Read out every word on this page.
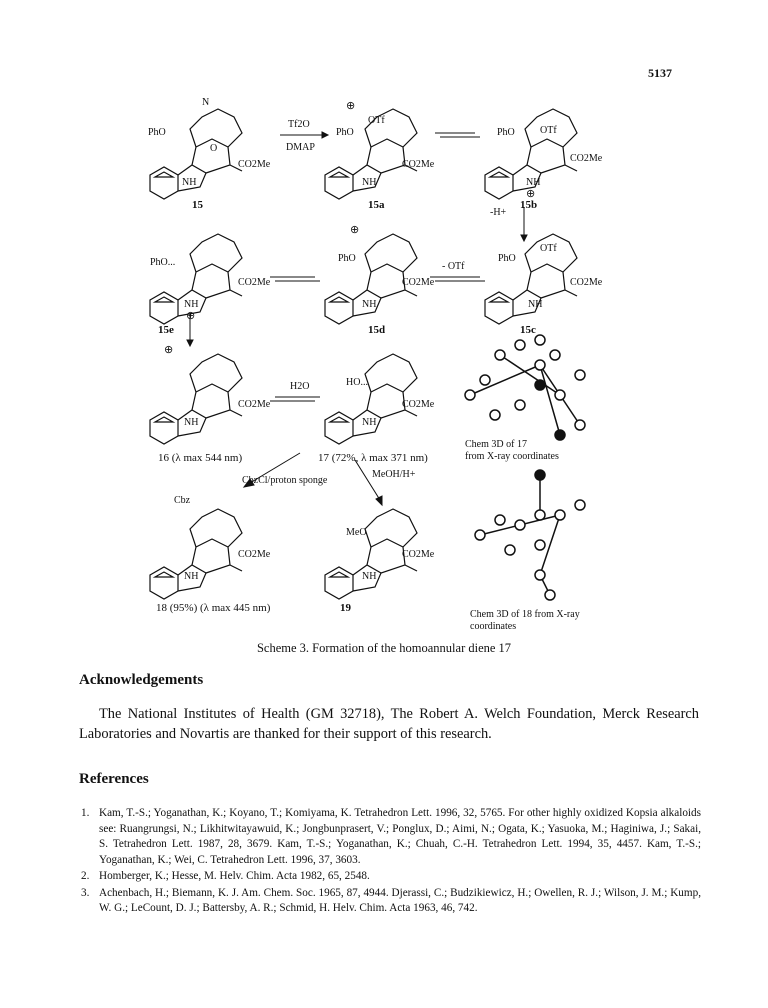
5137
PhO
CO2Me
NH
N
O
PhO
OTf
CO2Me
NH
⊕
PhO	OTf
CO2Me
NH
⊕
PhO...
CO2Me
NH
⊕
PhO
CO2Me
NH
⊕
PhO
OTf
CO2Me
NH
CO2Me
NH
⊕
HO...
CO2Me
NH
Cbz
CO2Me
NH
MeO
CO2Me
NH
Tf2O
DMAP
-H+
- OTf
H2O
CbzCl/proton sponge
MeOH/H+
15	15a	15b
15e	15d	15c
16 (λ max 544 nm)	17 (72%, λ max 371 nm)
18 (95%) (λ max 445 nm)	19
Chem 3D of 17
from X-ray coordinates
Chem 3D of 18 from X-ray
coordinates
Scheme 3. Formation of the homoannular diene 17
Acknowledgements

The National Institutes of Health (GM 32718), The Robert A. Welch Foundation, Merck Research Laboratories and Novartis are thanked for their support of this research.

References
1. Kam, T.-S.; Yoganathan, K.; Koyano, T.; Komiyama, K. Tetrahedron Lett. 1996, 32, 5765. For other highly oxidized Kopsia alkaloids see: Ruangrungsi, N.; Likhitwitayawuid, K.; Jongbunprasert, V.; Ponglux, D.; Aimi, N.; Ogata, K.; Yasuoka, M.; Haginiwa, J.; Sakai, S. Tetrahedron Lett. 1987, 28, 3679. Kam, T.-S.; Yoganathan, K.; Chuah, C.-H. Tetrahedron Lett. 1994, 35, 4457. Kam, T.-S.; Yoganathan, K.; Wei, C. Tetrahedron Lett. 1996, 37, 3603.
2. Homberger, K.; Hesse, M. Helv. Chim. Acta 1982, 65, 2548.
3. Achenbach, H.; Biemann, K. J. Am. Chem. Soc. 1965, 87, 4944. Djerassi, C.; Budzikiewicz, H.; Owellen, R. J.; Wilson, J. M.; Kump, W. G.; LeCount, D. J.; Battersby, A. R.; Schmid, H. Helv. Chim. Acta 1963, 46, 742.
